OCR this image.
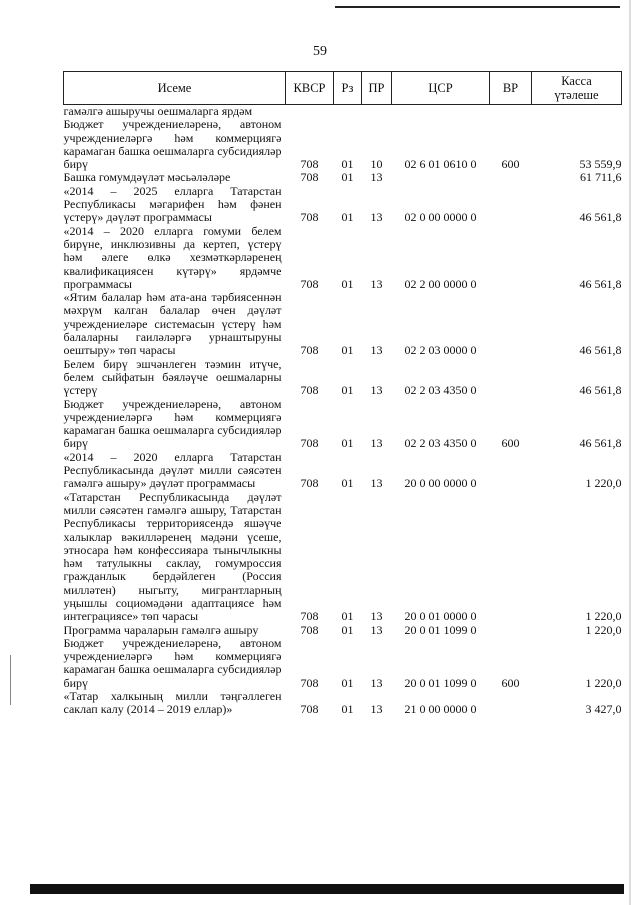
59
Исеме	КВСР	Рз	ПР	ЦСР	ВР	Касса
үтәлеше
гамәлгә ашыручы оешмаларга ярдәм						
Бюджет учреждениеләренә, автоном учреждениеләргә һәм коммерциягә карамаган башка оешмаларга субсидияләр бирү	708	01	10	02 6 01 0610 0	600	53 559,9
Башка гомумдәүләт мәсьәләләре	708	01	13			61 711,6
«2014 – 2025 елларга Татарстан Республикасы мәгарифен һәм фәнен үстерү» дәүләт программасы	708	01	13	02 0 00 0000 0		46 561,8
«2014 – 2020 елларга гомуми белем бирүне, инклюзивны да кертеп, үстерү һәм әлеге өлкә хезмәткәрләренең квалификациясен күтәрү» ярдәмче программасы	708	01	13	02 2 00 0000 0		46 561,8
«Ятим балалар һәм ата-ана тәрбиясеннән мәхрүм калган балалар өчен дәүләт учреждениеләре системасын үстерү һәм балаларны гаиләләргә урнаштыруны оештыру» төп чарасы	708	01	13	02 2 03 0000 0		46 561,8
Белем бирү эшчәнлеген тәэмин итүче, белем сыйфатын бәяләүче оешмаларны үстерү	708	01	13	02 2 03 4350 0		46 561,8
Бюджет учреждениеләренә, автоном учреждениеләргә һәм коммерциягә карамаган башка оешмаларга субсидияләр бирү	708	01	13	02 2 03 4350 0	600	46 561,8
«2014 – 2020 елларга Татарстан Республикасында дәүләт милли сәясәтен гамәлгә ашыру» дәүләт программасы	708	01	13	20 0 00 0000 0		1 220,0
«Татарстан Республикасында дәүләт милли сәясәтен гамәлгә ашыру, Татарстан Республикасы территориясендә яшәүче халыклар вәкилләренең мәдәни үсеше, этносара һәм конфессияара тынычлыкны һәм татулыкны саклау, гомумроссия гражданлык бердәйлеген (Россия милләтен) ныгыту, мигрантларның уңышлы социомәдәни адаптациясе һәм интеграциясе» төп чарасы	708	01	13	20 0 01 0000 0		1 220,0
Программа чараларын гамәлгә ашыру	708	01	13	20 0 01 1099 0		1 220,0
Бюджет учреждениеләренә, автоном учреждениеләргә һәм коммерциягә карамаган башка оешмаларга субсидияләр бирү	708	01	13	20 0 01 1099 0	600	1 220,0
«Татар халкының милли тәңгәллеген саклап калу (2014 – 2019 еллар)»	708	01	13	21 0 00 0000 0		3 427,0
